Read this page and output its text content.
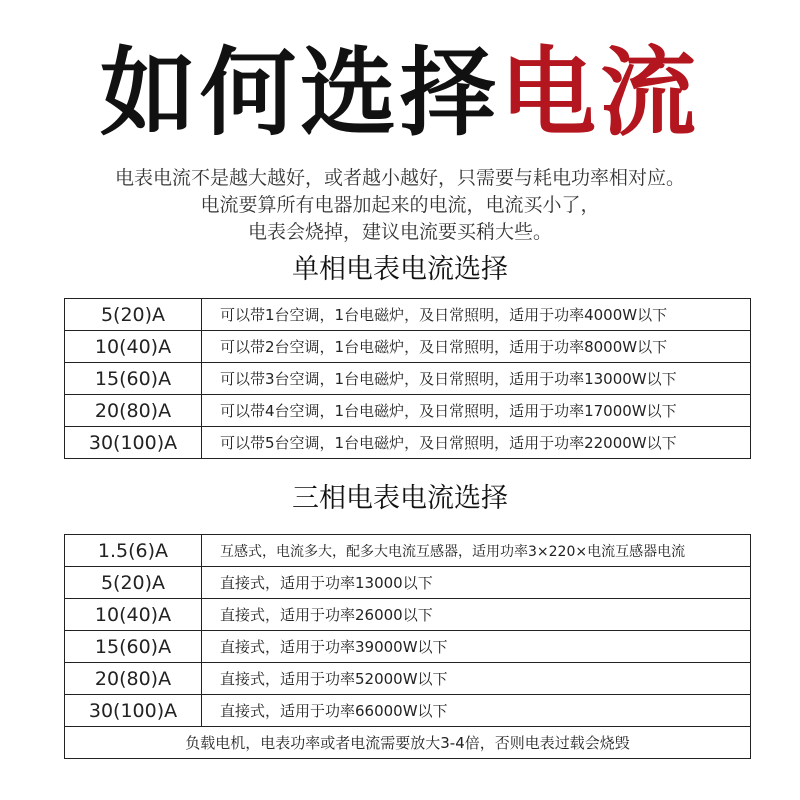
如何选择电流
电表电流不是越大越好，或者越小越好，只需要与耗电功率相对应。
电流要算所有电器加起来的电流，电流买小了，
电表会烧掉，建议电流要买稍大些。
单相电表电流选择
5(20)A	可以带1台空调，1台电磁炉，及日常照明，适用于功率4000W以下
10(40)A	可以带2台空调，1台电磁炉，及日常照明，适用于功率8000W以下
15(60)A	可以带3台空调，1台电磁炉，及日常照明，适用于功率13000W以下
20(80)A	可以带4台空调，1台电磁炉，及日常照明，适用于功率17000W以下
30(100)A	可以带5台空调，1台电磁炉，及日常照明，适用于功率22000W以下
三相电表电流选择
1.5(6)A	互感式，电流多大，配多大电流互感器，适用功率3×220×电流互感器电流
5(20)A	直接式，适用于功率13000以下
10(40)A	直接式，适用于功率26000以下
15(60)A	直接式，适用于功率39000W以下
20(80)A	直接式，适用于功率52000W以下
30(100)A	直接式，适用于功率66000W以下
负载电机，电表功率或者电流需要放大3-4倍，否则电表过载会烧毁	
